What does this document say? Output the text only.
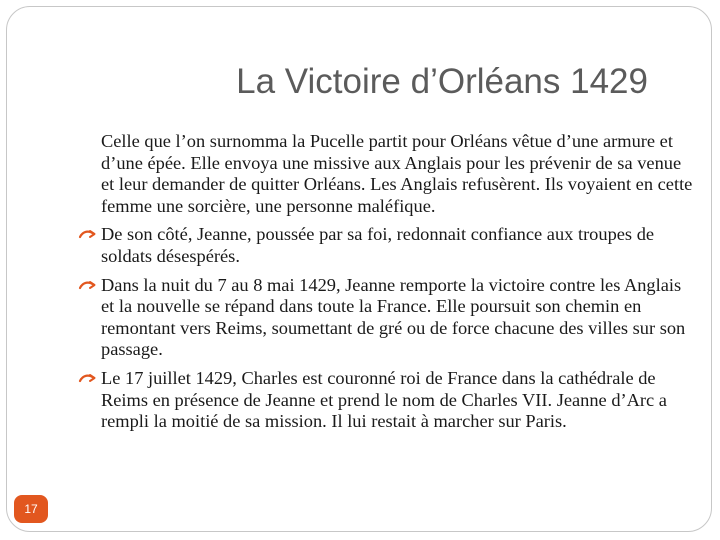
La Victoire d’Orléans 1429
Celle que l’on surnomma la Pucelle partit pour Orléans vêtue d’une armure et d’une épée. Elle envoya une missive aux Anglais pour les prévenir de sa venue et leur demander de quitter Orléans. Les Anglais refusèrent. Ils voyaient en cette femme une sorcière, une personne maléfique.
De son côté, Jeanne, poussée par sa foi, redonnait confiance aux troupes de soldats désespérés.
Dans la nuit du 7 au 8 mai 1429, Jeanne remporte la victoire contre les Anglais et la nouvelle se répand dans toute la France. Elle poursuit son chemin en remontant vers Reims, soumettant de gré ou de force chacune des villes sur son passage.
Le 17 juillet 1429, Charles est couronné roi de France dans la cathédrale de Reims en présence de Jeanne et prend le nom de Charles VII. Jeanne d’Arc a rempli la moitié de sa mission. Il lui restait à marcher sur Paris.
17
